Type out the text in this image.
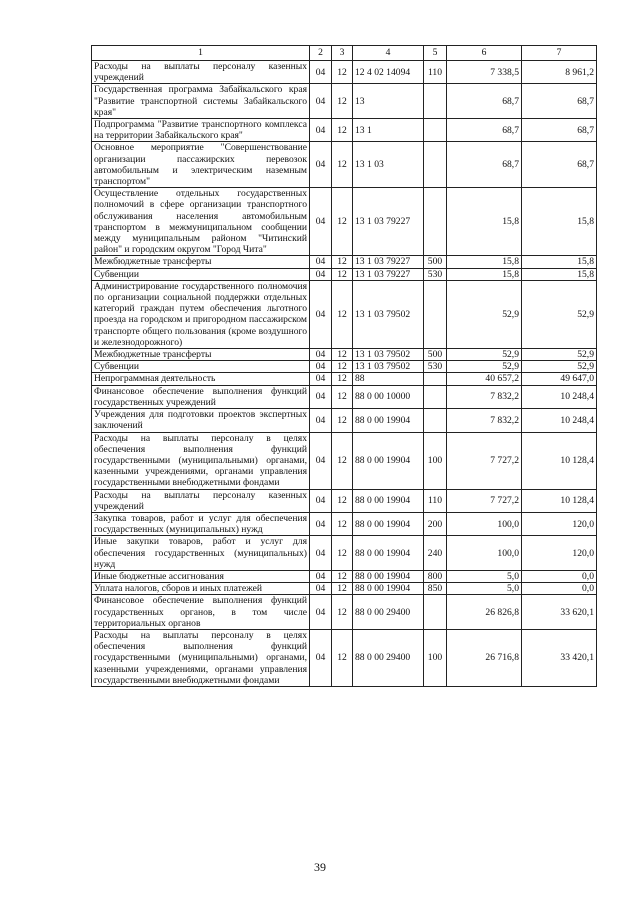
1	2	3	4	5	6	7
Расходы на выплаты персоналу казенных учреждений	04	12	12 4 02 14094	110	7 338,5	8 961,2
Государственная программа Забайкальского края "Развитие транспортной системы Забайкальского края"	04	12	13		68,7	68,7
Подпрограмма "Развитие транспортного комплекса на территории Забайкальского края"	04	12	13 1		68,7	68,7
Основное мероприятие "Совершенствование организации пассажирских перевозок автомобильным и электрическим наземным транспортом"	04	12	13 1 03		68,7	68,7
Осуществление отдельных государственных полномочий в сфере организации транспортного обслуживания населения автомобильным транспортом в межмуниципальном сообщении между муниципальным районом "Читинский район" и городским округом "Город Чита"	04	12	13 1 03 79227		15,8	15,8
Межбюджетные трансферты	04	12	13 1 03 79227	500	15,8	15,8
Субвенции	04	12	13 1 03 79227	530	15,8	15,8
Администрирование государственного полномочия по организации социальной поддержки отдельных категорий граждан путем обеспечения льготного проезда на городском и пригородном пассажирском транспорте общего пользования (кроме воздушного и железнодорожного)	04	12	13 1 03 79502		52,9	52,9
Межбюджетные трансферты	04	12	13 1 03 79502	500	52,9	52,9
Субвенции	04	12	13 1 03 79502	530	52,9	52,9
Непрограммная деятельность	04	12	88		40 657,2	49 647,0
Финансовое обеспечение выполнения функций государственных учреждений	04	12	88 0 00 10000		7 832,2	10 248,4
Учреждения для подготовки проектов экспертных заключений	04	12	88 0 00 19904		7 832,2	10 248,4
Расходы на выплаты персоналу в целях обеспечения выполнения функций государственными (муниципальными) органами, казенными учреждениями, органами управления государственными внебюджетными фондами	04	12	88 0 00 19904	100	7 727,2	10 128,4
Расходы на выплаты персоналу казенных учреждений	04	12	88 0 00 19904	110	7 727,2	10 128,4
Закупка товаров, работ и услуг для обеспечения государственных (муниципальных) нужд	04	12	88 0 00 19904	200	100,0	120,0
Иные закупки товаров, работ и услуг для обеспечения государственных (муниципальных) нужд	04	12	88 0 00 19904	240	100,0	120,0
Иные бюджетные ассигнования	04	12	88 0 00 19904	800	5,0	0,0
Уплата налогов, сборов и иных платежей	04	12	88 0 00 19904	850	5,0	0,0
Финансовое обеспечение выполнения функций государственных органов, в том числе территориальных органов	04	12	88 0 00 29400		26 826,8	33 620,1
Расходы на выплаты персоналу в целях обеспечения выполнения функций государственными (муниципальными) органами, казенными учреждениями, органами управления государственными внебюджетными фондами	04	12	88 0 00 29400	100	26 716,8	33 420,1
39
